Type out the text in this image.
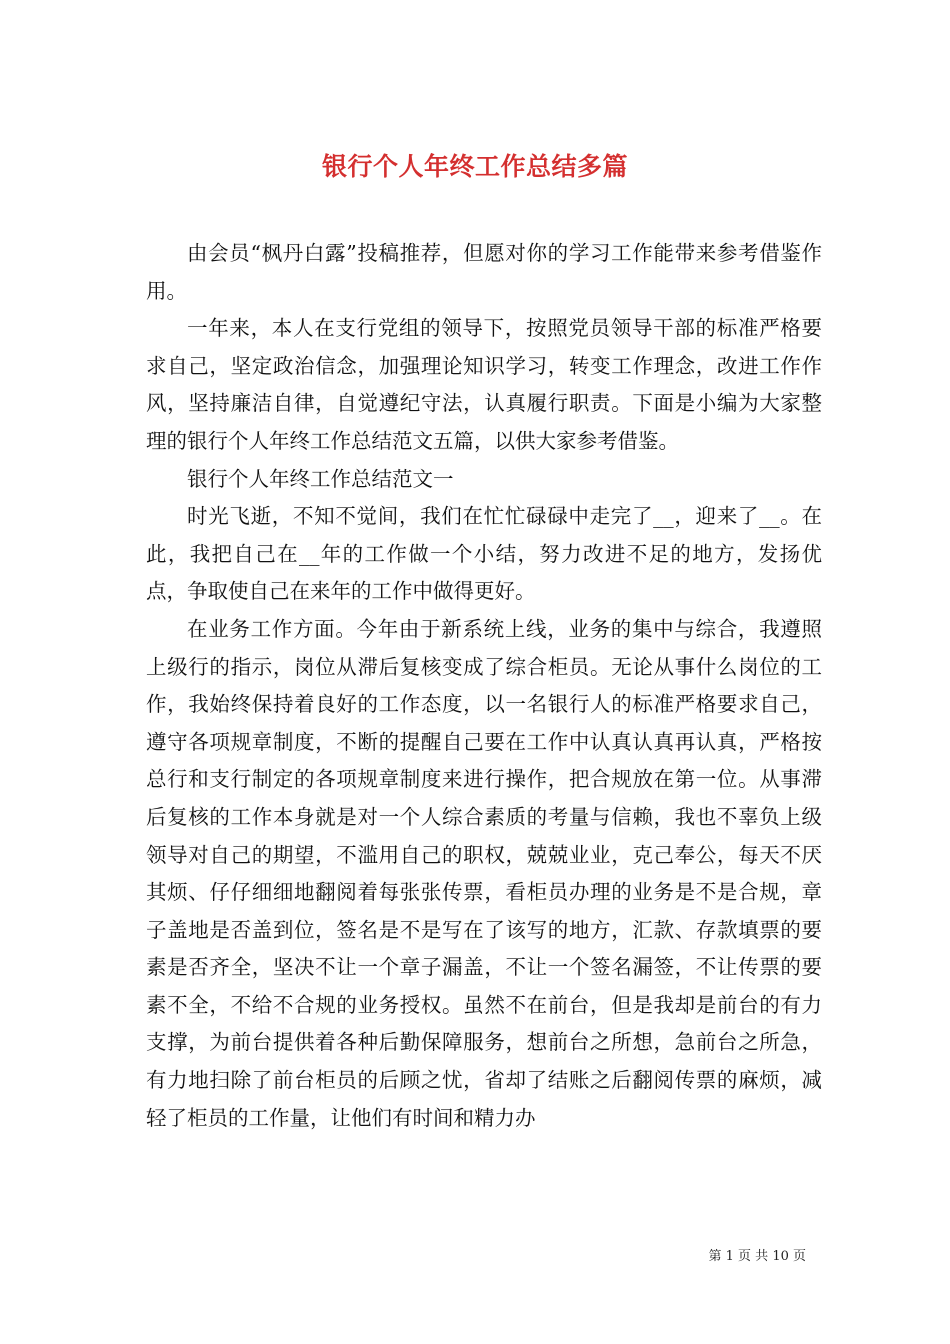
银行个人年终工作总结多篇

由会员“枫丹白露”投稿推荐，但愿对你的学习工作能带来参考借鉴作用。

一年来，本人在支行党组的领导下，按照党员领导干部的标准严格要求自己，坚定政治信念，加强理论知识学习，转变工作理念，改进工作作风，坚持廉洁自律，自觉遵纪守法，认真履行职责。下面是小编为大家整理的银行个人年终工作总结范文五篇，以供大家参考借鉴。

银行个人年终工作总结范文一

时光飞逝，不知不觉间，我们在忙忙碌碌中走完了__，迎来了__。在此，我把自己在__年的工作做一个小结，努力改进不足的地方，发扬优点，争取使自己在来年的工作中做得更好。

在业务工作方面。今年由于新系统上线，业务的集中与综合，我遵照上级行的指示，岗位从滞后复核变成了综合柜员。无论从事什么岗位的工作，我始终保持着良好的工作态度，以一名银行人的标准严格要求自己，遵守各项规章制度，不断的提醒自己要在工作中认真认真再认真，严格按总行和支行制定的各项规章制度来进行操作，把合规放在第一位。从事滞后复核的工作本身就是对一个人综合素质的考量与信赖，我也不辜负上级领导对自己的期望，不滥用自己的职权，兢兢业业，克己奉公，每天不厌其烦、仔仔细细地翻阅着每张张传票，看柜员办理的业务是不是合规，章子盖地是否盖到位，签名是不是写在了该写的地方，汇款、存款填票的要素是否齐全，坚决不让一个章子漏盖，不让一个签名漏签，不让传票的要素不全，不给不合规的业务授权。虽然不在前台，但是我却是前台的有力支撑，为前台提供着各种后勤保障服务，想前台之所想，急前台之所急，有力地扫除了前台柜员的后顾之忧，省却了结账之后翻阅传票的麻烦，减轻了柜员的工作量，让他们有时间和精力办

第 1 页 共 10 页
